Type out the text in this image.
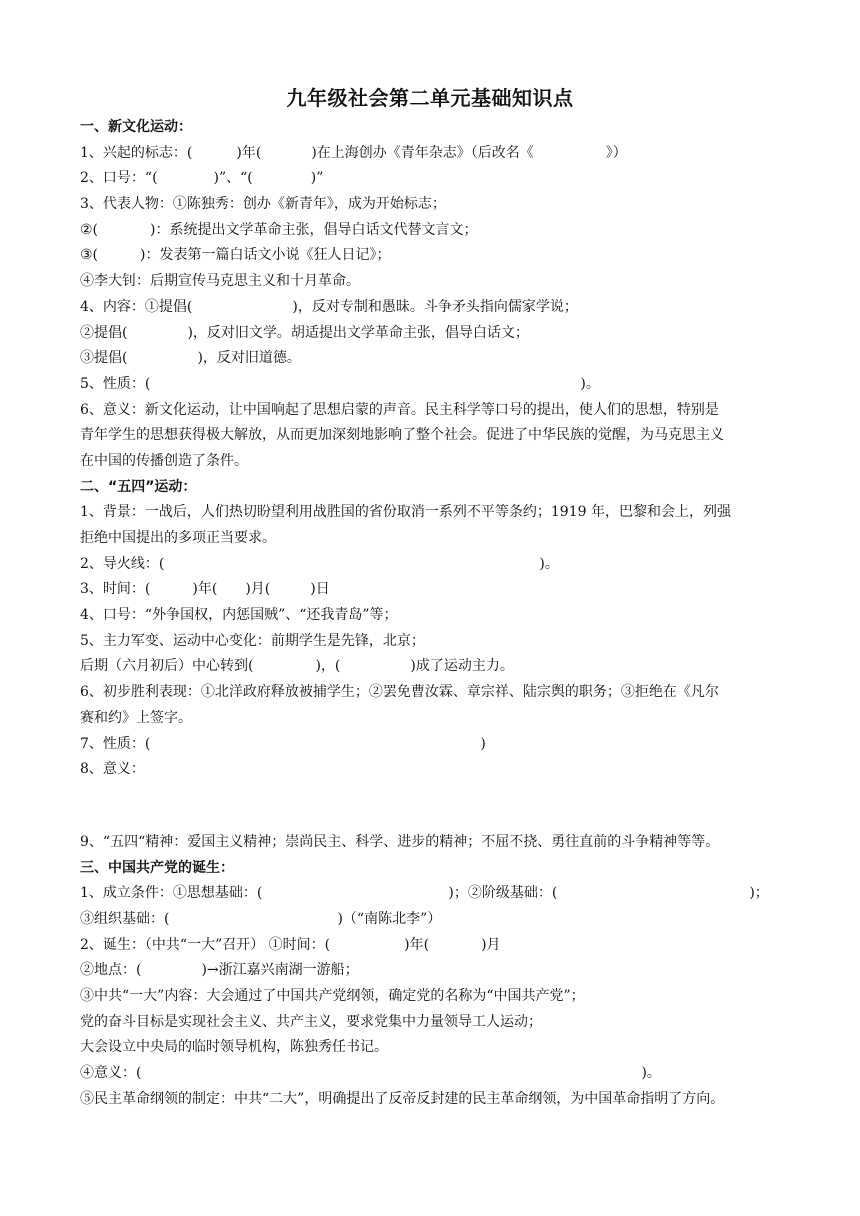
九年级社会第二单元基础知识点
一、新文化运动：
1、兴起的标志：(	)年(	)在上海创办《青年杂志》（后改名《	》）
2、口号：“(	)”、“(	)”
3、代表人物：①陈独秀：创办《新青年》，成为开始标志；
②(	)：系统提出文学革命主张，倡导白话文代替文言文；
③(	)：发表第一篇白话文小说《狂人日记》；
④李大钊：后期宣传马克思主义和十月革命。
4、内容：①提倡(	)，反对专制和愚昧。斗争矛头指向儒家学说；
②提倡(	)，反对旧文学。胡适提出文学革命主张，倡导白话文；
③提倡(	)，反对旧道德。
5、性质：(	)。
6、意义：新文化运动，让中国响起了思想启蒙的声音。民主科学等口号的提出，使人们的思想，特别是
青年学生的思想获得极大解放，从而更加深刻地影响了整个社会。促进了中华民族的觉醒，为马克思主义
在中国的传播创造了条件。
二、“五四”运动：
1、背景：一战后，人们热切盼望利用战胜国的省份取消一系列不平等条约；1919 年，巴黎和会上，列强
拒绝中国提出的多项正当要求。
2、导火线：(	)。
3、时间：(	)年( )月(	)日
4、口号：“外争国权，内惩国贼”、“还我青岛”等；
5、主力军变、运动中心变化：前期学生是先锋，北京；
后期（六月初后）中心转到(	)，(	)成了运动主力。
6、初步胜利表现：①北洋政府释放被捕学生；②罢免曹汝霖、章宗祥、陆宗舆的职务；③拒绝在《凡尔
赛和约》上签字。
7、性质：(	)
8、意义：
9、“五四“精神：爱国主义精神；崇尚民主、科学、进步的精神；不屈不挠、勇往直前的斗争精神等等。
三、中国共产党的诞生：
1、成立条件：①思想基础：(	)；②阶级基础：(	)；
③组织基础：(	)（“南陈北李”）
2、诞生：（中共“一大”召开） ①时间：(	)年(	)月
②地点：(	)→浙江嘉兴南湖一游船；
③中共“一大”内容：大会通过了中国共产党纲领，确定党的名称为“中国共产党”；
党的奋斗目标是实现社会主义、共产主义，要求党集中力量领导工人运动；
大会设立中央局的临时领导机构，陈独秀任书记。
④意义：(	)。
⑤民主革命纲领的制定：中共“二大”，明确提出了反帝反封建的民主革命纲领，为中国革命指明了方向。
